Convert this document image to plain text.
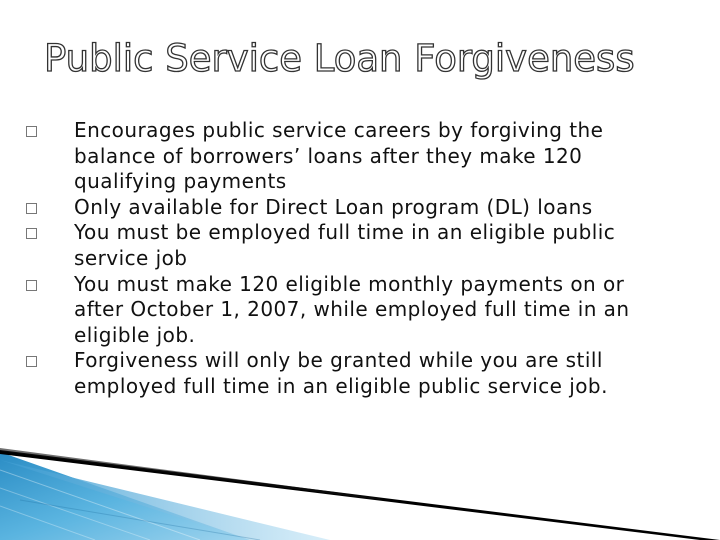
Public Service Loan Forgiveness
Encourages public service careers by forgiving the balance of borrowers’ loans after they make 120 qualifying payments
Only available for Direct Loan program (DL) loans
You must be employed full time in an eligible public service job
You must make 120 eligible monthly payments on or after October 1, 2007, while employed full time in an eligible job.
Forgiveness will only be granted while you are still employed full time in an eligible public service job.
